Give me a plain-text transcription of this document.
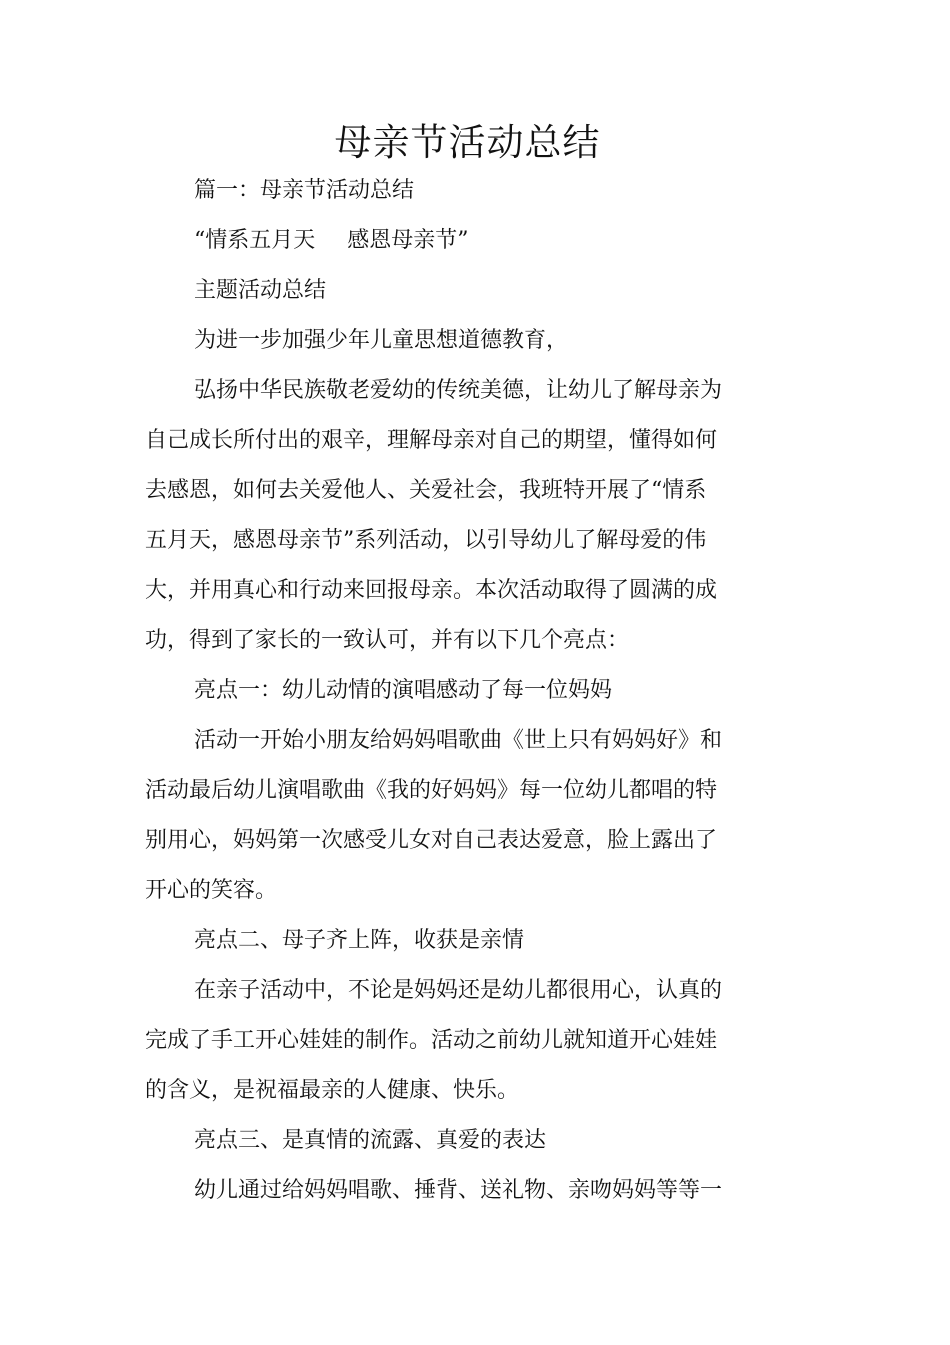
母亲节活动总结

篇一：母亲节活动总结

“情系五月天 感恩母亲节”

主题活动总结

为进一步加强少年儿童思想道德教育，

弘扬中华民族敬老爱幼的传统美德，让幼儿了解母亲为

自己成长所付出的艰辛，理解母亲对自己的期望，懂得如何

去感恩，如何去关爱他人、关爱社会，我班特开展了“情系

五月天，感恩母亲节”系列活动，以引导幼儿了解母爱的伟

大，并用真心和行动来回报母亲。本次活动取得了圆满的成

功，得到了家长的一致认可，并有以下几个亮点：

亮点一：幼儿动情的演唱感动了每一位妈妈

活动一开始小朋友给妈妈唱歌曲《世上只有妈妈好》和

活动最后幼儿演唱歌曲《我的好妈妈》每一位幼儿都唱的特

别用心，妈妈第一次感受儿女对自己表达爱意，脸上露出了

开心的笑容。

亮点二、母子齐上阵，收获是亲情

在亲子活动中，不论是妈妈还是幼儿都很用心，认真的

完成了手工开心娃娃的制作。活动之前幼儿就知道开心娃娃

的含义，是祝福最亲的人健康、快乐。

亮点三、是真情的流露、真爱的表达

幼儿通过给妈妈唱歌、捶背、送礼物、亲吻妈妈等等一
